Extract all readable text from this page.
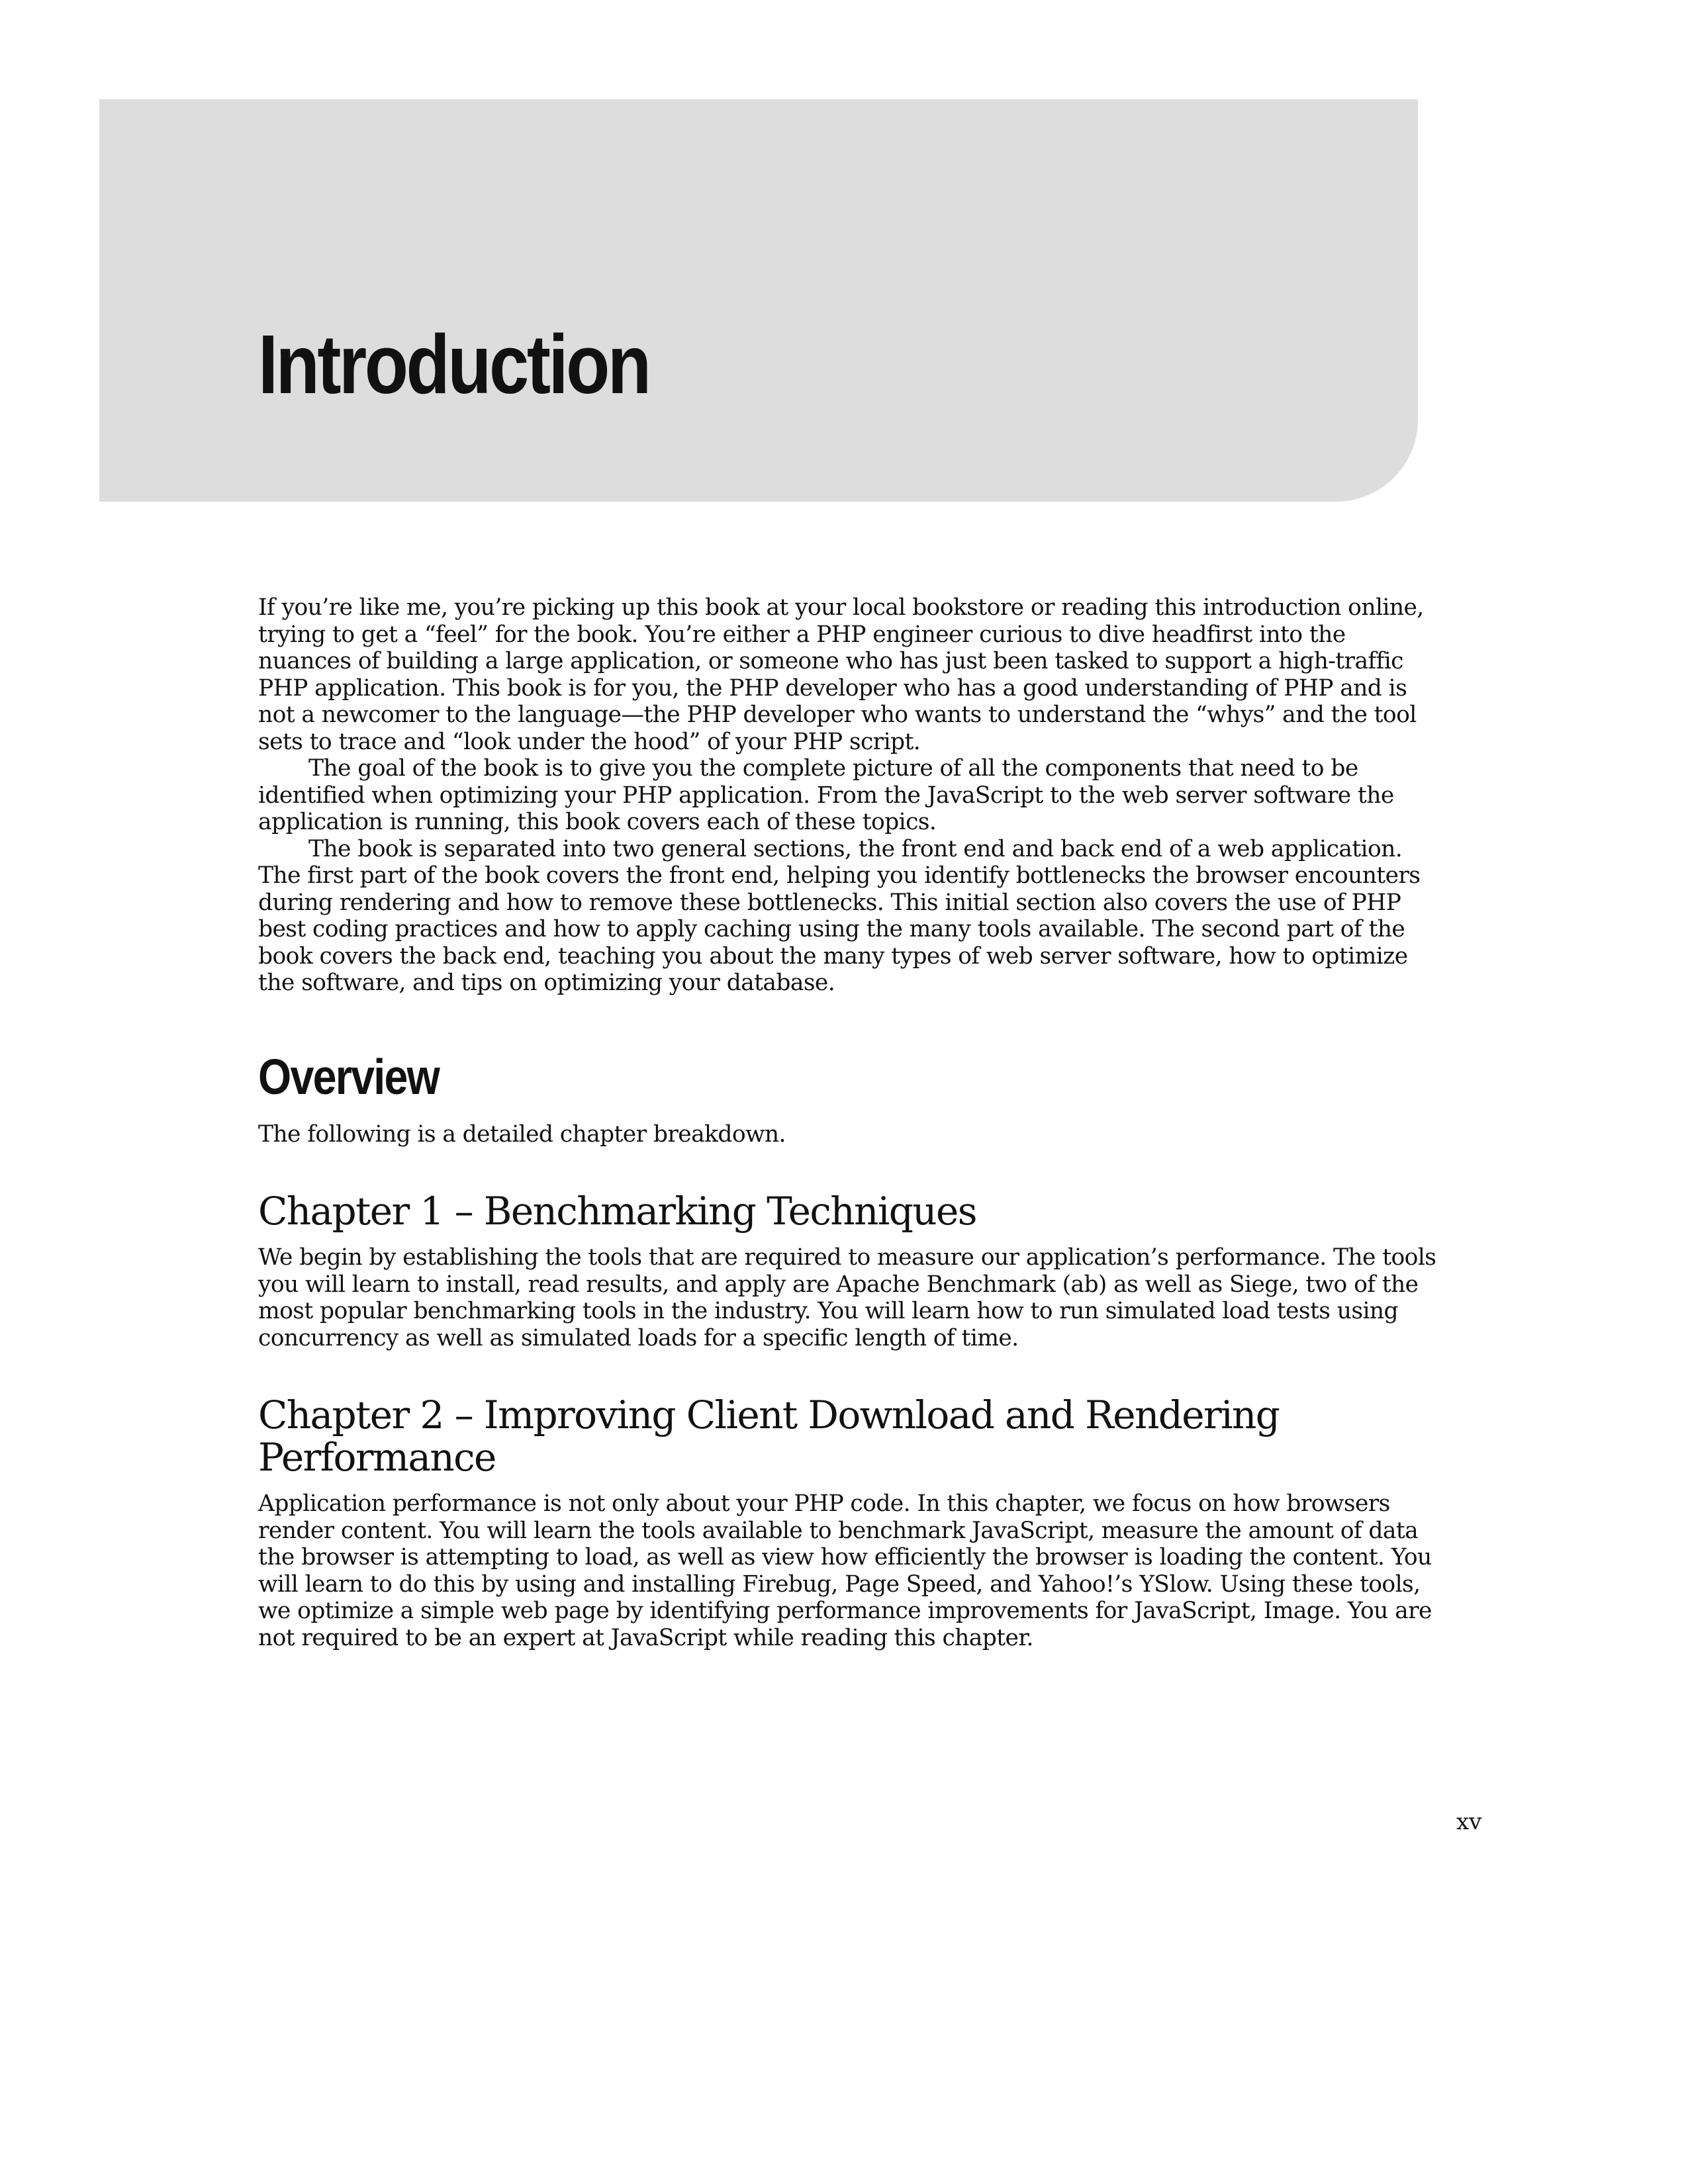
Introduction

If you’re like me, you’re picking up this book at your local bookstore or reading this introduction online, trying to get a “feel” for the book. You’re either a PHP engineer curious to dive headfirst into the nuances of building a large application, or someone who has just been tasked to support a high-traffic PHP application. This book is for you, the PHP developer who has a good understanding of PHP and is not a newcomer to the language—the PHP developer who wants to understand the “whys” and the tool sets to trace and “look under the hood” of your PHP script.

The goal of the book is to give you the complete picture of all the components that need to be identified when optimizing your PHP application. From the JavaScript to the web server software the application is running, this book covers each of these topics.

The book is separated into two general sections, the front end and back end of a web application. The first part of the book covers the front end, helping you identify bottlenecks the browser encounters during rendering and how to remove these bottlenecks. This initial section also covers the use of PHP best coding practices and how to apply caching using the many tools available. The second part of the book covers the back end, teaching you about the many types of web server software, how to optimize the software, and tips on optimizing your database.

Overview

The following is a detailed chapter breakdown.

Chapter 1 – Benchmarking Techniques

We begin by establishing the tools that are required to measure our application’s performance. The tools you will learn to install, read results, and apply are Apache Benchmark (ab) as well as Siege, two of the most popular benchmarking tools in the industry. You will learn how to run simulated load tests using concurrency as well as simulated loads for a specific length of time.

Chapter 2 – Improving Client Download and Rendering Performance

Application performance is not only about your PHP code. In this chapter, we focus on how browsers render content. You will learn the tools available to benchmark JavaScript, measure the amount of data the browser is attempting to load, as well as view how efficiently the browser is loading the content. You will learn to do this by using and installing Firebug, Page Speed, and Yahoo!’s YSlow. Using these tools, we optimize a simple web page by identifying performance improvements for JavaScript, Image. You are not required to be an expert at JavaScript while reading this chapter.

xv
